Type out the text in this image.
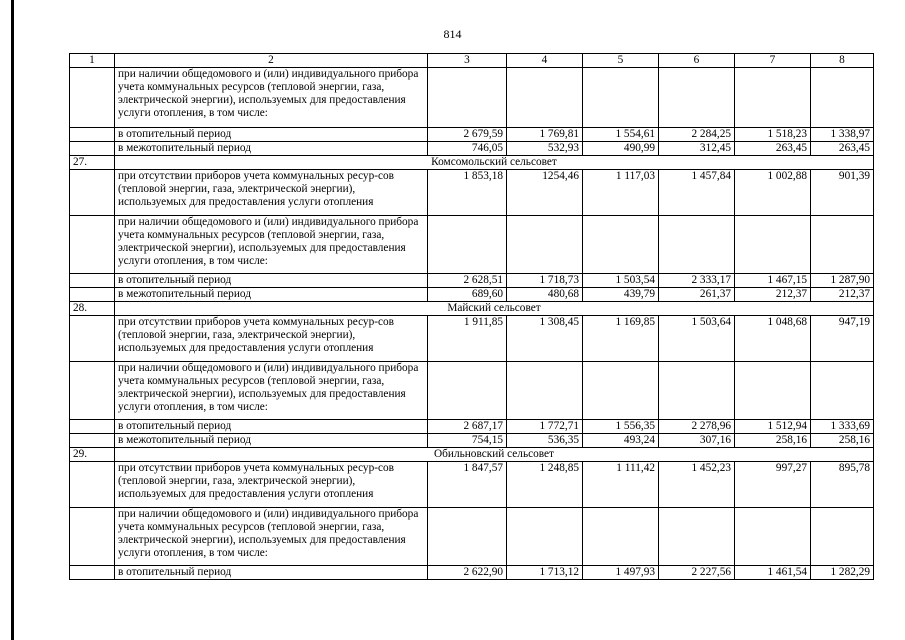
814
1	2	3	4	5	6	7	8
	при наличии общедомового и (или) индивидуального прибора учета коммунальных ресурсов (тепловой энергии, газа, электрической энергии), используемых для предоставления услуги отопления, в том числе:						
	в отопительный период	2 679,59	1 769,81	1 554,61	2 284,25	1 518,23	1 338,97
	в межотопительный период	746,05	532,93	490,99	312,45	263,45	263,45
27.	Комсомольский сельсовет						
	при отсутствии приборов учета коммунальных ресур-сов (тепловой энергии, газа, электрической энергии), используемых для предоставления услуги отопления	1 853,18	1254,46	1 117,03	1 457,84	1 002,88	901,39
	при наличии общедомового и (или) индивидуального прибора учета коммунальных ресурсов (тепловой энергии, газа, электрической энергии), используемых для предоставления услуги отопления, в том числе:						
	в отопительный период	2 628,51	1 718,73	1 503,54	2 333,17	1 467,15	1 287,90
	в межотопительный период	689,60	480,68	439,79	261,37	212,37	212,37
28.	Майский сельсовет						
	при отсутствии приборов учета коммунальных ресур-сов (тепловой энергии, газа, электрической энергии), используемых для предоставления услуги отопления	1 911,85	1 308,45	1 169,85	1 503,64	1 048,68	947,19
	при наличии общедомового и (или) индивидуального прибора учета коммунальных ресурсов (тепловой энергии, газа, электрической энергии), используемых для предоставления услуги отопления, в том числе:						
	в отопительный период	2 687,17	1 772,71	1 556,35	2 278,96	1 512,94	1 333,69
	в межотопительный период	754,15	536,35	493,24	307,16	258,16	258,16
29.	Обильновский сельсовет						
	при отсутствии приборов учета коммунальных ресур-сов (тепловой энергии, газа, электрической энергии), используемых для предоставления услуги отопления	1 847,57	1 248,85	1 111,42	1 452,23	997,27	895,78
	при наличии общедомового и (или) индивидуального прибора учета коммунальных ресурсов (тепловой энергии, газа, электрической энергии), используемых для предоставления услуги отопления, в том числе:						
	в отопительный период	2 622,90	1 713,12	1 497,93	2 227,56	1 461,54	1 282,29
